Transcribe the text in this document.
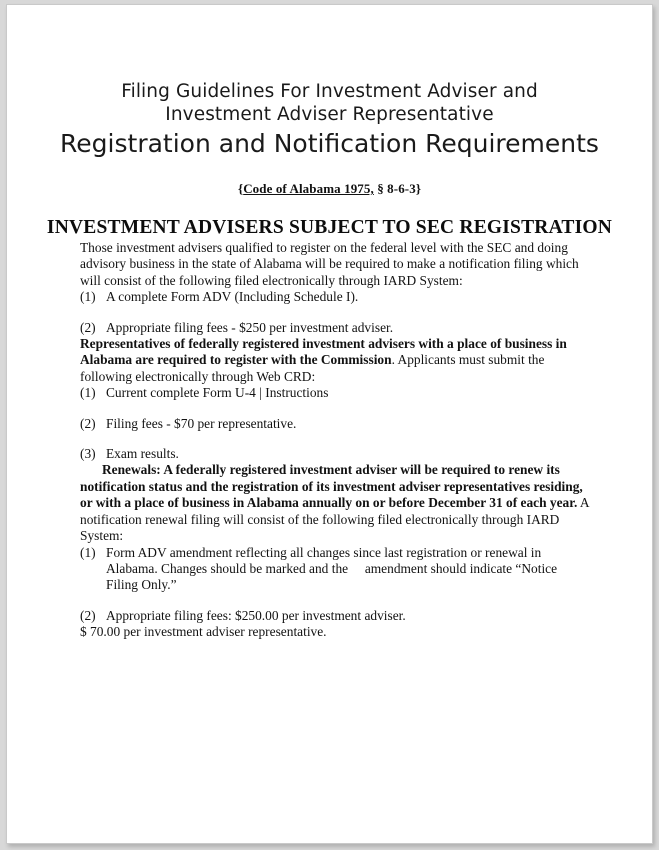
Filing Guidelines For Investment Adviser and
Investment Adviser Representative
Registration and Notification Requirements
{Code of Alabama 1975, § 8-6-3}
INVESTMENT ADVISERS SUBJECT TO SEC REGISTRATION

Those investment advisers qualified to register on the federal level with the SEC and doing advisory business in the state of Alabama will be required to make a notification filing which will consist of the following filed electronically through IARD System:

(1) A complete Form ADV (Including Schedule I).
(2) Appropriate filing fees - $250 per investment adviser.

Representatives of federally registered investment advisers with a place of business in Alabama are required to register with the Commission. Applicants must submit the following electronically through Web CRD:

(1) Current complete Form U-4 | Instructions
(2) Filing fees - $70 per representative.
(3) Exam results.

Renewals: A federally registered investment adviser will be required to renew its notification status and the registration of its investment adviser representatives residing, or with a place of business in Alabama annually on or before December 31 of each year. A notification renewal filing will consist of the following filed electronically through IARD System:

(1) Form ADV amendment reflecting all changes since last registration or renewal in Alabama. Changes should be marked and the amendment should indicate “Notice Filing Only.”
(2) Appropriate filing fees: $250.00 per investment adviser.

$ 70.00 per investment adviser representative.
